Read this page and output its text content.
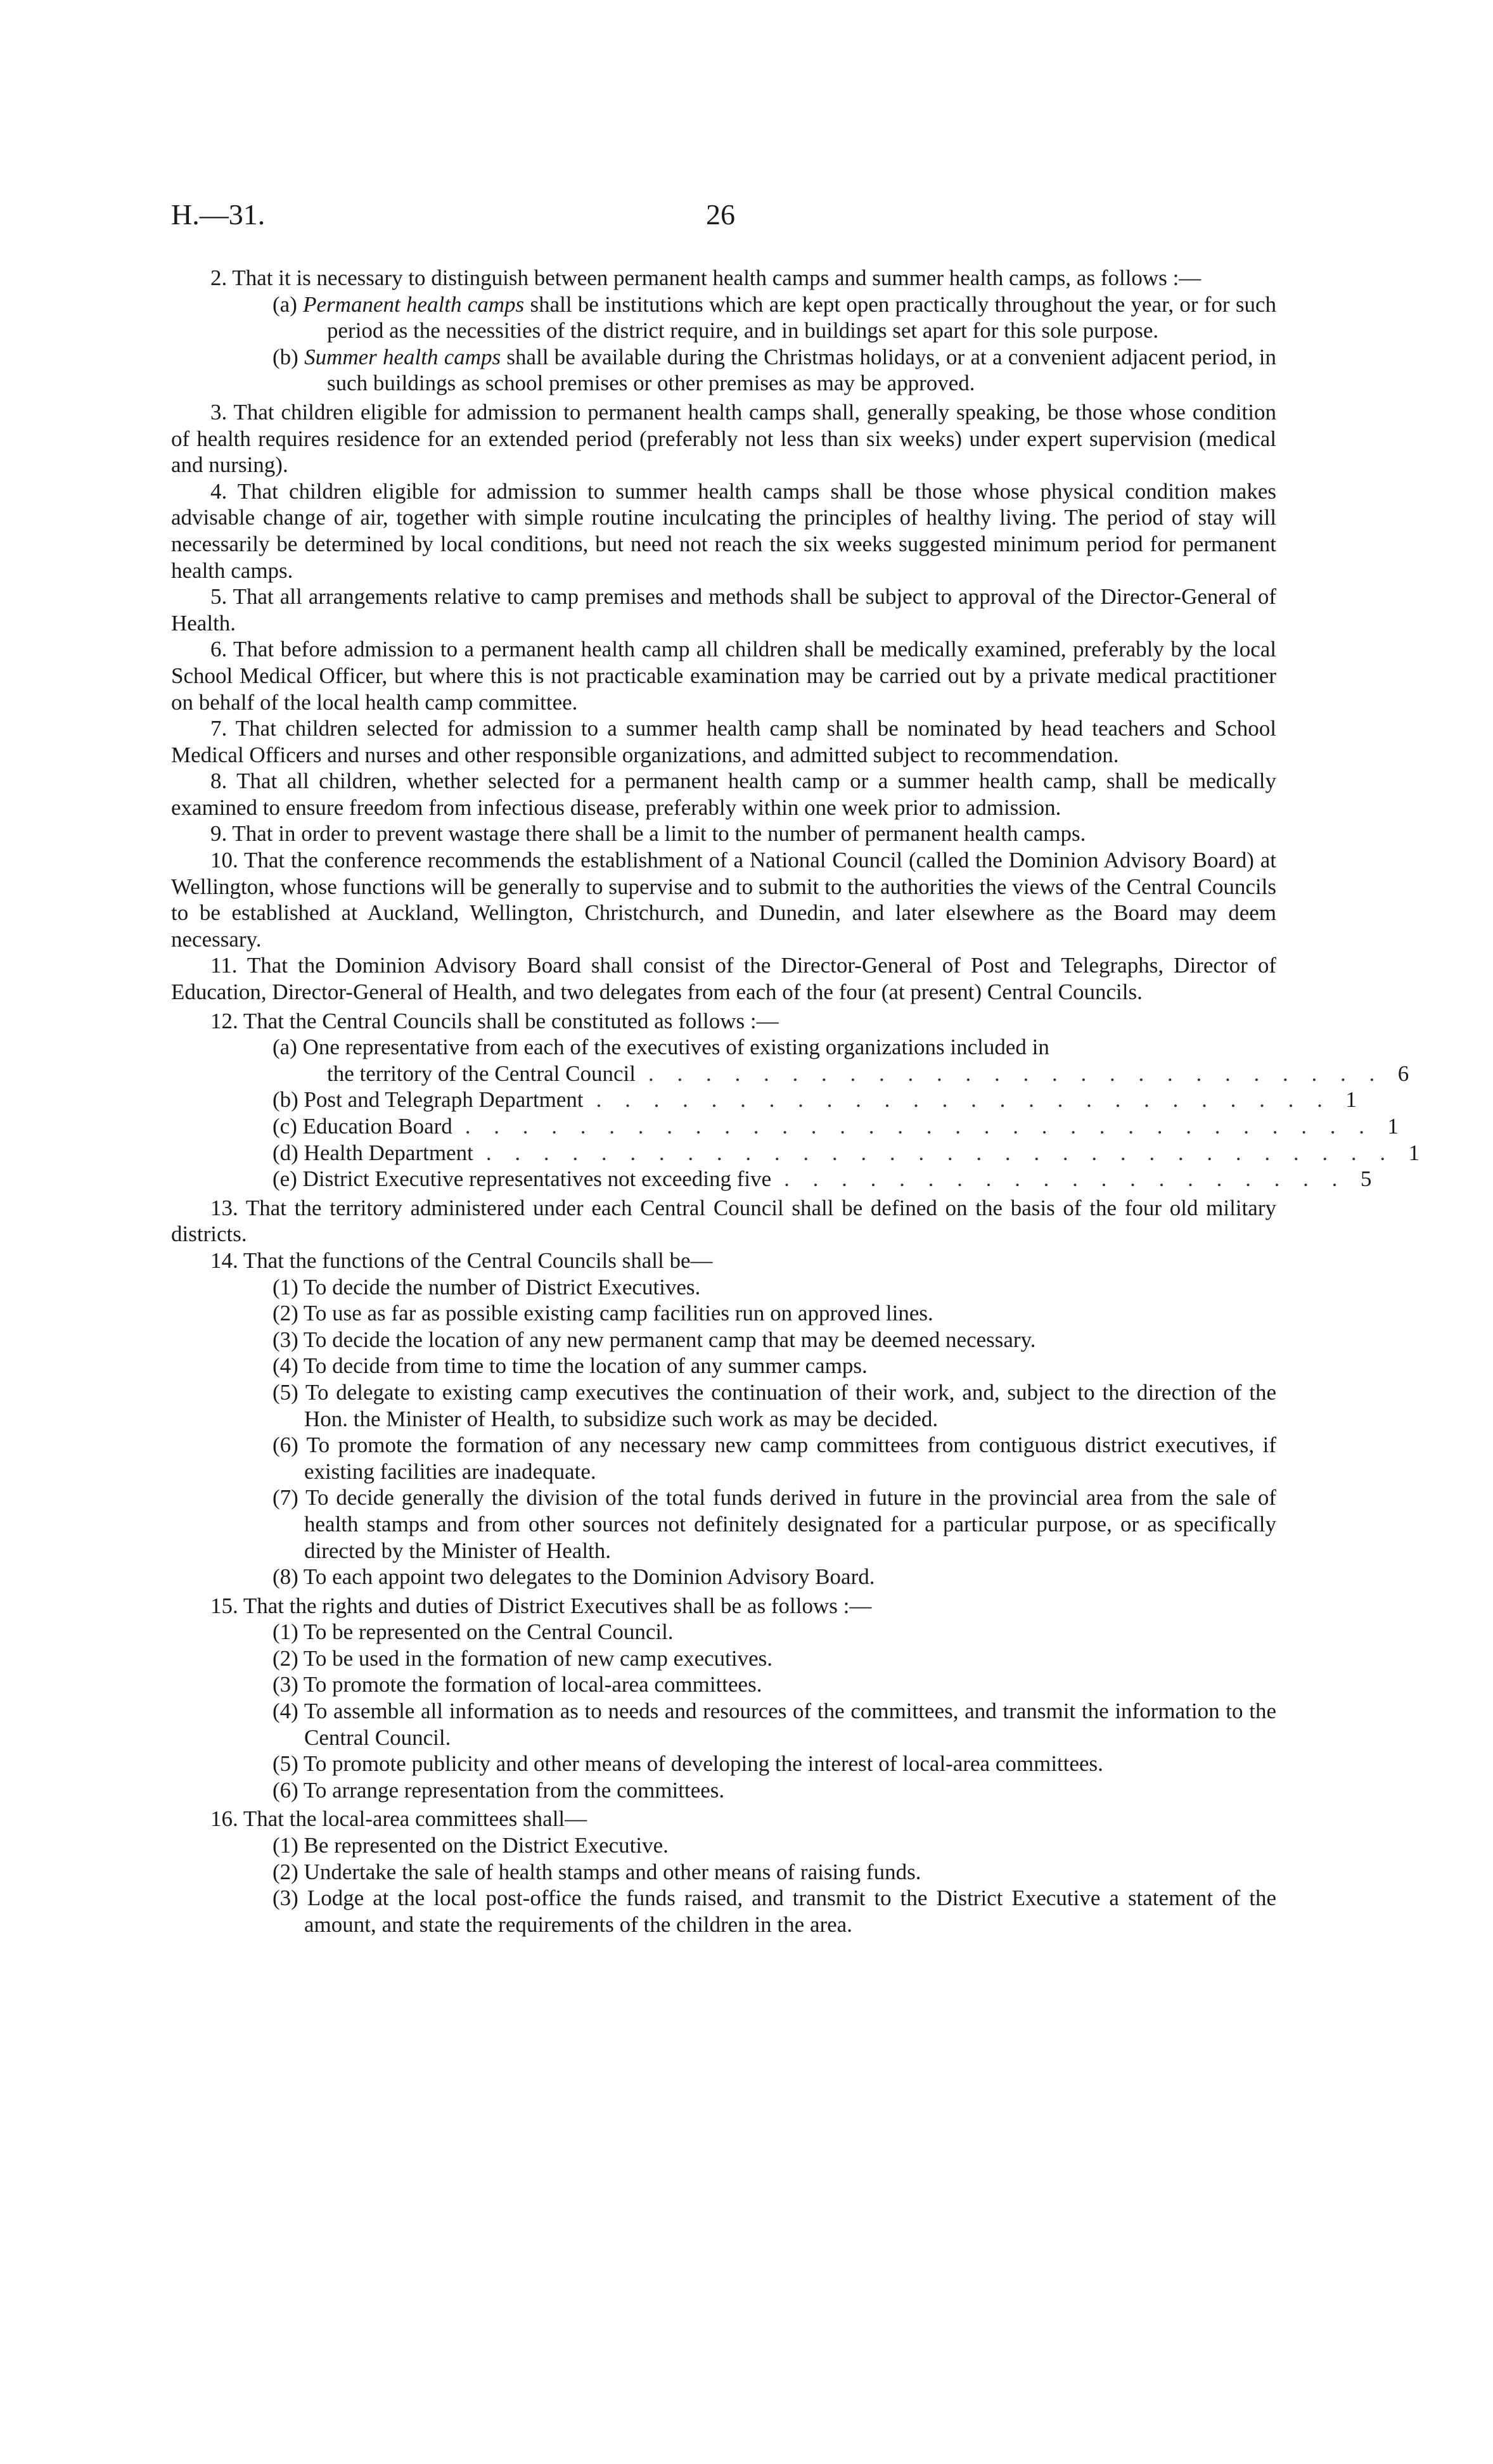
H.—31.	26

2. That it is necessary to distinguish between permanent health camps and summer health camps, as follows :—

(a) Permanent health camps shall be institutions which are kept open practically throughout the year, or for such period as the necessities of the district require, and in buildings set apart for this sole purpose.

(b) Summer health camps shall be available during the Christmas holidays, or at a convenient adjacent period, in such buildings as school premises or other premises as may be approved.

3. That children eligible for admission to permanent health camps shall, generally speaking, be those whose condition of health requires residence for an extended period (preferably not less than six weeks) under expert supervision (medical and nursing).

4. That children eligible for admission to summer health camps shall be those whose physical condition makes advisable change of air, together with simple routine inculcating the principles of healthy living. The period of stay will necessarily be determined by local conditions, but need not reach the six weeks suggested minimum period for permanent health camps.

5. That all arrangements relative to camp premises and methods shall be subject to approval of the Director-General of Health.

6. That before admission to a permanent health camp all children shall be medically examined, preferably by the local School Medical Officer, but where this is not practicable examination may be carried out by a private medical practitioner on behalf of the local health camp committee.

7. That children selected for admission to a summer health camp shall be nominated by head teachers and School Medical Officers and nurses and other responsible organizations, and admitted subject to recommendation.

8. That all children, whether selected for a permanent health camp or a summer health camp, shall be medically examined to ensure freedom from infectious disease, preferably within one week prior to admission.

9. That in order to prevent wastage there shall be a limit to the number of permanent health camps.

10. That the conference recommends the establishment of a National Council (called the Dominion Advisory Board) at Wellington, whose functions will be generally to supervise and to submit to the authorities the views of the Central Councils to be established at Auckland, Wellington, Christchurch, and Dunedin, and later elsewhere as the Board may deem necessary.

11. That the Dominion Advisory Board shall consist of the Director-General of Post and Telegraphs, Director of Education, Director-General of Health, and two delegates from each of the four (at present) Central Councils.

12. That the Central Councils shall be constituted as follows :—

(a) One representative from each of the executives of existing organizations included in
the territory of the Central Council . . . . . . . . . . . . . . . . . . . . . . . . . . 6
(b) Post and Telegraph Department . . . . . . . . . . . . . . . . . . . . . . . . . . 1
(c) Education Board . . . . . . . . . . . . . . . . . . . . . . . . . . . . . . . . 1
(d) Health Department . . . . . . . . . . . . . . . . . . . . . . . . . . . . . . . . 1
(e) District Executive representatives not exceeding five . . . . . . . . . . . . . . . . . . . . 5

13. That the territory administered under each Central Council shall be defined on the basis of the four old military districts.

14. That the functions of the Central Councils shall be—

(1) To decide the number of District Executives.

(2) To use as far as possible existing camp facilities run on approved lines.

(3) To decide the location of any new permanent camp that may be deemed necessary.

(4) To decide from time to time the location of any summer camps.

(5) To delegate to existing camp executives the continuation of their work, and, subject to the direction of the Hon. the Minister of Health, to subsidize such work as may be decided.

(6) To promote the formation of any necessary new camp committees from contiguous district executives, if existing facilities are inadequate.

(7) To decide generally the division of the total funds derived in future in the provincial area from the sale of health stamps and from other sources not definitely designated for a particular purpose, or as specifically directed by the Minister of Health.

(8) To each appoint two delegates to the Dominion Advisory Board.

15. That the rights and duties of District Executives shall be as follows :—

(1) To be represented on the Central Council.

(2) To be used in the formation of new camp executives.

(3) To promote the formation of local-area committees.

(4) To assemble all information as to needs and resources of the committees, and transmit the information to the Central Council.

(5) To promote publicity and other means of developing the interest of local-area committees.

(6) To arrange representation from the committees.

16. That the local-area committees shall—

(1) Be represented on the District Executive.

(2) Undertake the sale of health stamps and other means of raising funds.

(3) Lodge at the local post-office the funds raised, and transmit to the District Executive a statement of the amount, and state the requirements of the children in the area.
